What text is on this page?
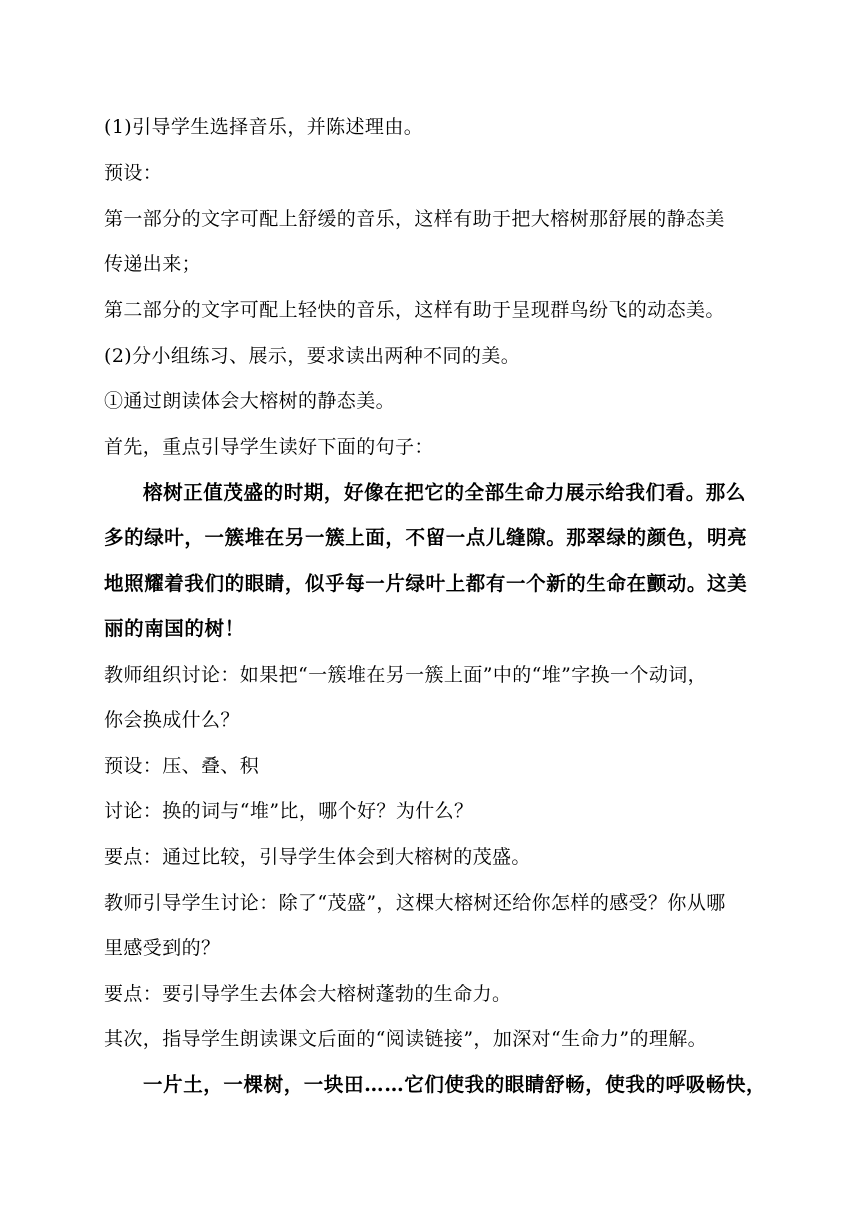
(1)引导学生选择音乐，并陈述理由。
预设：
第一部分的文字可配上舒缓的音乐，这样有助于把大榕树那舒展的静态美
传递出来；
第二部分的文字可配上轻快的音乐，这样有助于呈现群鸟纷飞的动态美。
(2)分小组练习、展示，要求读出两种不同的美。
①通过朗读体会大榕树的静态美。
首先，重点引导学生读好下面的句子：
榕树正值茂盛的时期，好像在把它的全部生命力展示给我们看。那么
多的绿叶，一簇堆在另一簇上面，不留一点儿缝隙。那翠绿的颜色，明亮
地照耀着我们的眼睛，似乎每一片绿叶上都有一个新的生命在颤动。这美
丽的南国的树！
教师组织讨论：如果把“一簇堆在另一簇上面”中的“堆”字换一个动词，
你会换成什么？
预设：压、叠、积
讨论：换的词与“堆”比，哪个好？为什么？
要点：通过比较，引导学生体会到大榕树的茂盛。
教师引导学生讨论：除了“茂盛”，这棵大榕树还给你怎样的感受？你从哪
里感受到的？
要点：要引导学生去体会大榕树蓬勃的生命力。
其次，指导学生朗读课文后面的“阅读链接”，加深对“生命力”的理解。
一片土，一棵树，一块田……它们使我的眼睛舒畅，使我的呼吸畅快，
